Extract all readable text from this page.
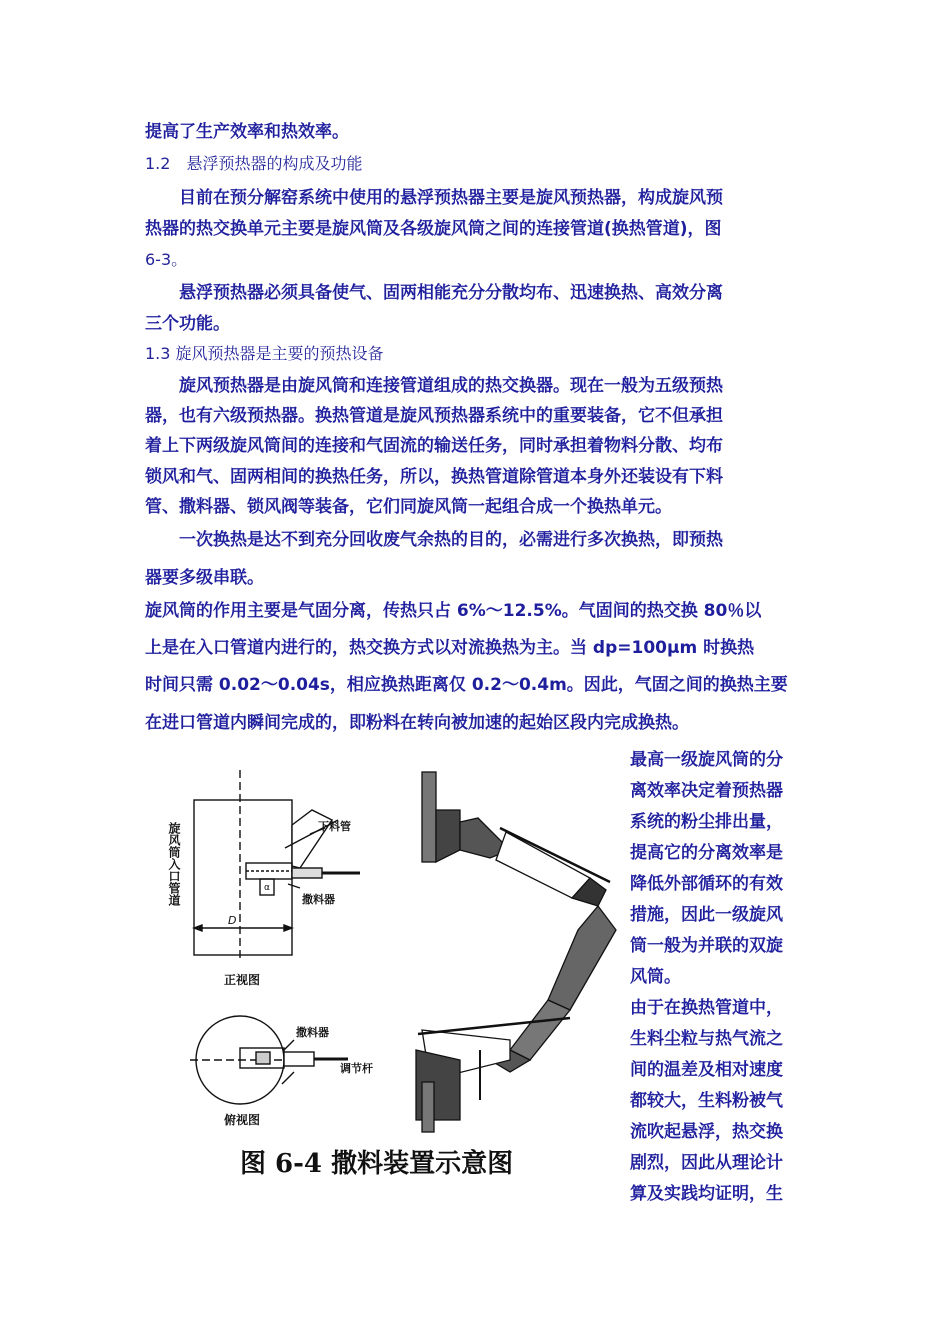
提高了生产效率和热效率。
1.2　悬浮预热器的构成及功能
　　目前在预分解窑系统中使用的悬浮预热器主要是旋风预热器，构成旋风预
热器的热交换单元主要是旋风筒及各级旋风筒之间的连接管道(换热管道)，图
6-3。
　　悬浮预热器必须具备使气、固两相能充分分散均布、迅速换热、高效分离
三个功能。
1.3 旋风预热器是主要的预热设备
　　旋风预热器是由旋风筒和连接管道组成的热交换器。现在一般为五级预热
器，也有六级预热器。换热管道是旋风预热器系统中的重要装备，它不但承担
着上下两级旋风筒间的连接和气固流的输送任务，同时承担着物料分散、均布
锁风和气、固两相间的换热任务，所以，换热管道除管道本身外还装设有下料
管、撒料器、锁风阀等装备，它们同旋风筒一起组合成一个换热单元。
　　一次换热是达不到充分回收废气余热的目的，必需进行多次换热，即预热
器要多级串联。
旋风筒的作用主要是气固分离，传热只占 6%～12.5%。气固间的热交换 80％以
上是在入口管道内进行的，热交换方式以对流换热为主。当 dp=100μm 时换热
时间只需 0.02～0.04s，相应换热距离仅 0.2～0.4m。因此，气固之间的换热主要
在进口管道内瞬间完成的，即粉料在转向被加速的起始区段内完成换热。
最高一级旋风筒的分
离效率决定着预热器
系统的粉尘排出量，
提高它的分离效率是
降低外部循环的有效
措施，因此一级旋风
筒一般为并联的双旋
风筒。
由于在换热管道中，
生料尘粒与热气流之
间的温差及相对速度
都较大，生料粉被气
流吹起悬浮，热交换
剧烈，因此从理论计
算及实践均证明，生
旋风筒入口管道	下料管
撒料器
D
α
正视图
撒料器
调节杆
俯视图
图 6-4 撒料装置示意图
